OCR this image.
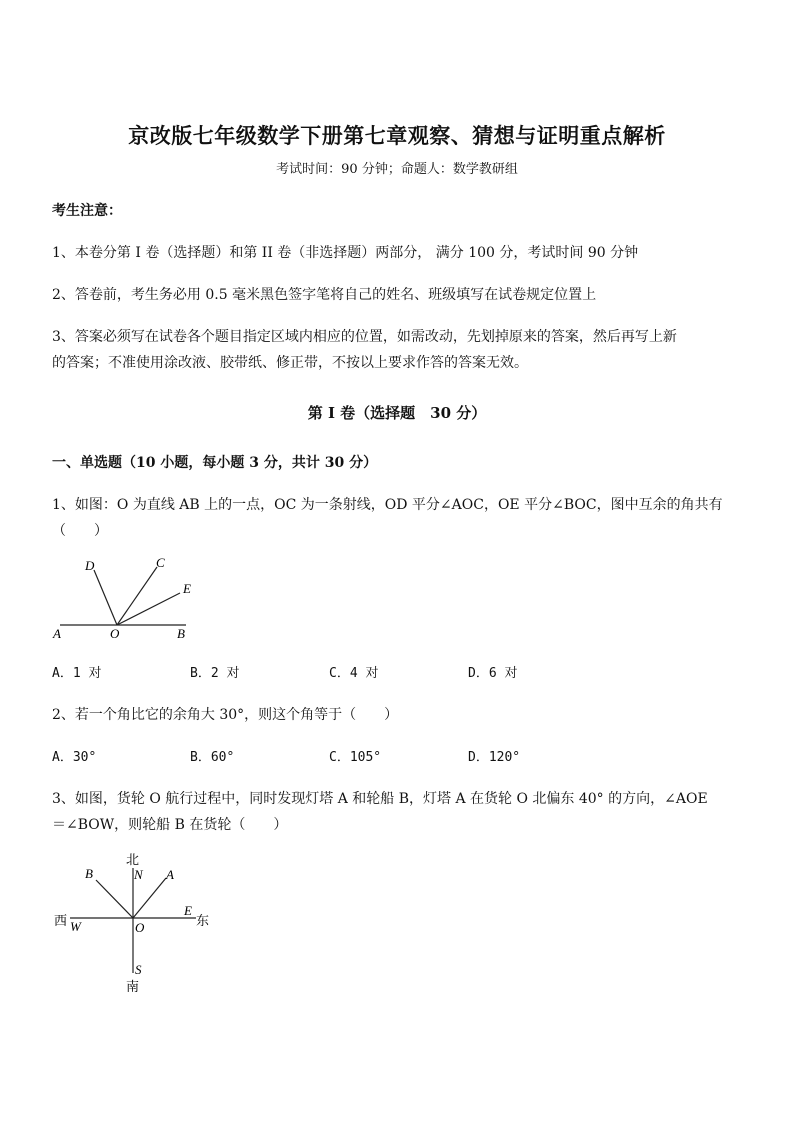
京改版七年级数学下册第七章观察、猜想与证明重点解析
考试时间：90 分钟；命题人：数学教研组
考生注意：
1、本卷分第 I 卷（选择题）和第 II 卷（非选择题）两部分， 满分 100 分，考试时间 90 分钟
2、答卷前，考生务必用 0.5 毫米黑色签字笔将自己的姓名、班级填写在试卷规定位置上
3、答案必须写在试卷各个题目指定区域内相应的位置，如需改动，先划掉原来的答案，然后再写上新
的答案；不准使用涂改液、胶带纸、修正带，不按以上要求作答的答案无效。
第 I 卷（选择题　30 分）
一、单选题（10 小题，每小题 3 分，共计 30 分）
1、如图：O 为直线 AB 上的一点，OC 为一条射线，OD 平分∠AOC，OE 平分∠BOC，图中互余的角共有
（　　）
A	O	B
D	C
E
A．1 对	B．2 对	C．4 对	D．6 对
2、若一个角比它的余角大 30°，则这个角等于（　　）
A．30°	B．60°	C．105°	D．120°
3、如图，货轮 O 航行过程中，同时发现灯塔 A 和轮船 B，灯塔 A 在货轮 O 北偏东 40° 的方向，∠AOE
＝∠BOW，则轮船 B 在货轮（　　）
北
N
B	A
西 W	O
E
东
S
南
